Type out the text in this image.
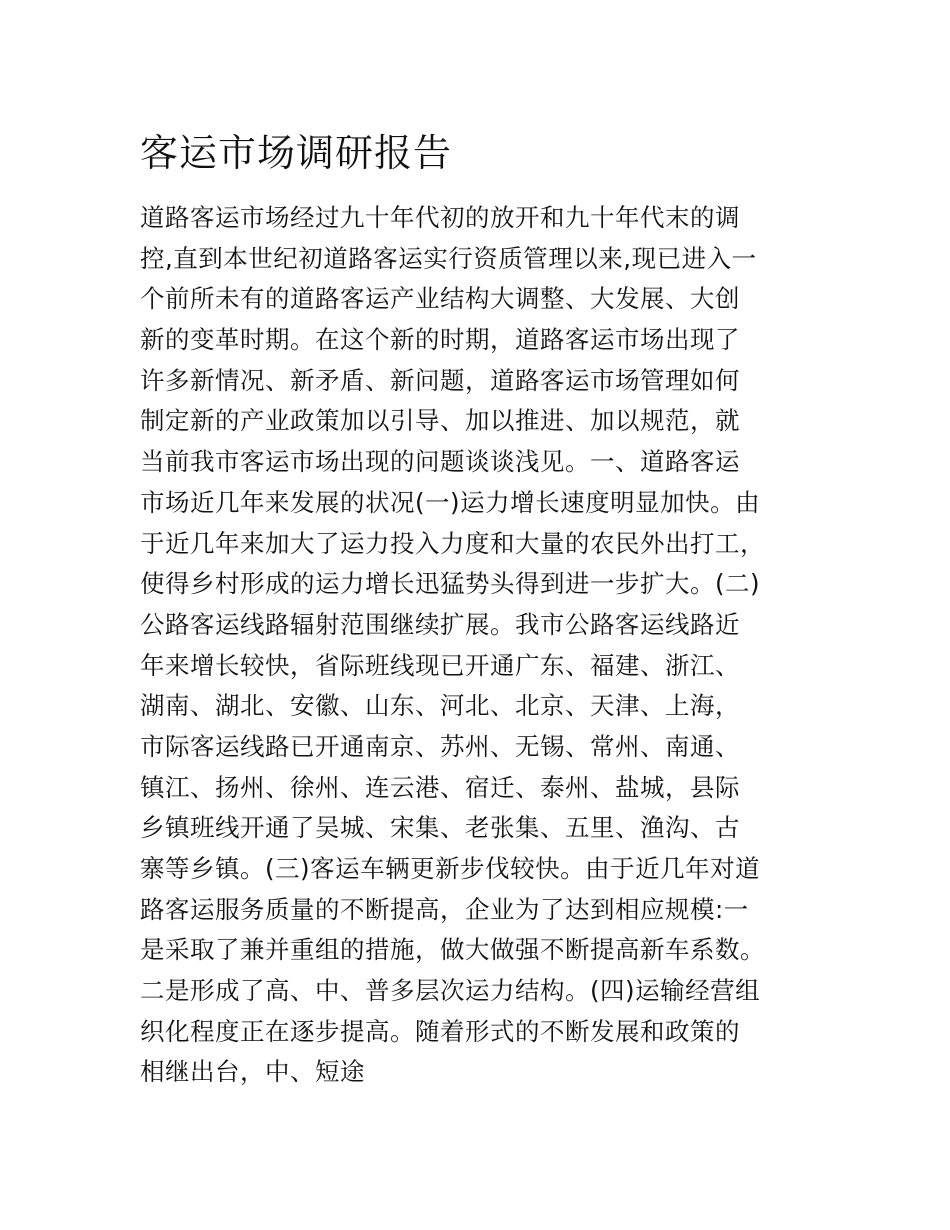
客运市场调研报告
道路客运市场经过九十年代初的放开和九十年代末的调
控,直到本世纪初道路客运实行资质管理以来,现已进入一
个前所未有的道路客运产业结构大调整、大发展、大创
新的变革时期。在这个新的时期，道路客运市场出现了
许多新情况、新矛盾、新问题，道路客运市场管理如何
制定新的产业政策加以引导、加以推进、加以规范，就
当前我市客运市场出现的问题谈谈浅见。一、道路客运
市场近几年来发展的状况(一)运力增长速度明显加快。由
于近几年来加大了运力投入力度和大量的农民外出打工，
使得乡村形成的运力增长迅猛势头得到进一步扩大。(二)
公路客运线路辐射范围继续扩展。我市公路客运线路近
年来增长较快，省际班线现已开通广东、福建、浙江、
湖南、湖北、安徽、山东、河北、北京、天津、上海，
市际客运线路已开通南京、苏州、无锡、常州、南通、
镇江、扬州、徐州、连云港、宿迁、泰州、盐城，县际
乡镇班线开通了吴城、宋集、老张集、五里、渔沟、古
寨等乡镇。(三)客运车辆更新步伐较快。由于近几年对道
路客运服务质量的不断提高，企业为了达到相应规模:一
是采取了兼并重组的措施，做大做强不断提高新车系数。
二是形成了高、中、普多层次运力结构。(四)运输经营组
织化程度正在逐步提高。随着形式的不断发展和政策的
相继出台，中、短途
